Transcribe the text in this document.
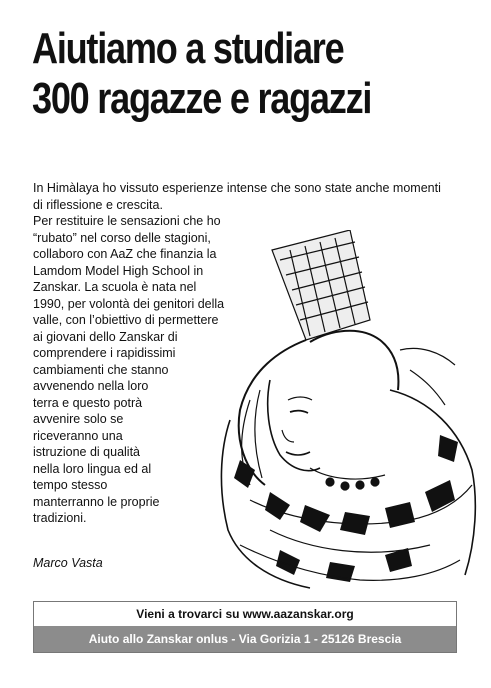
Aiutiamo a studiare
300 ragazze e ragazzi

In Himàlaya ho vissuto esperienze intense che sono state anche momenti di riflessione e crescita.

Per restituire le sensazioni che ho
“rubato” nel corso delle stagioni,
collaboro con AaZ che finanzia la
Lamdom Model High School in
Zanskar. La scuola è nata nel
1990, per volontà dei genitori della
valle, con l’obiettivo di permettere
ai giovani dello Zanskar di
comprendere i rapidissimi
cambiamenti che stanno
avvenendo nella loro
terra e questo potrà
avvenire solo se
riceveranno una
istruzione di qualità
nella loro lingua ed al
tempo stesso
manterranno le proprie
tradizioni.
Marco Vasta
Vieni a trovarci su www.aazanskar.org
Aiuto allo Zanskar onlus - Via Gorizia 1 - 25126 Brescia
